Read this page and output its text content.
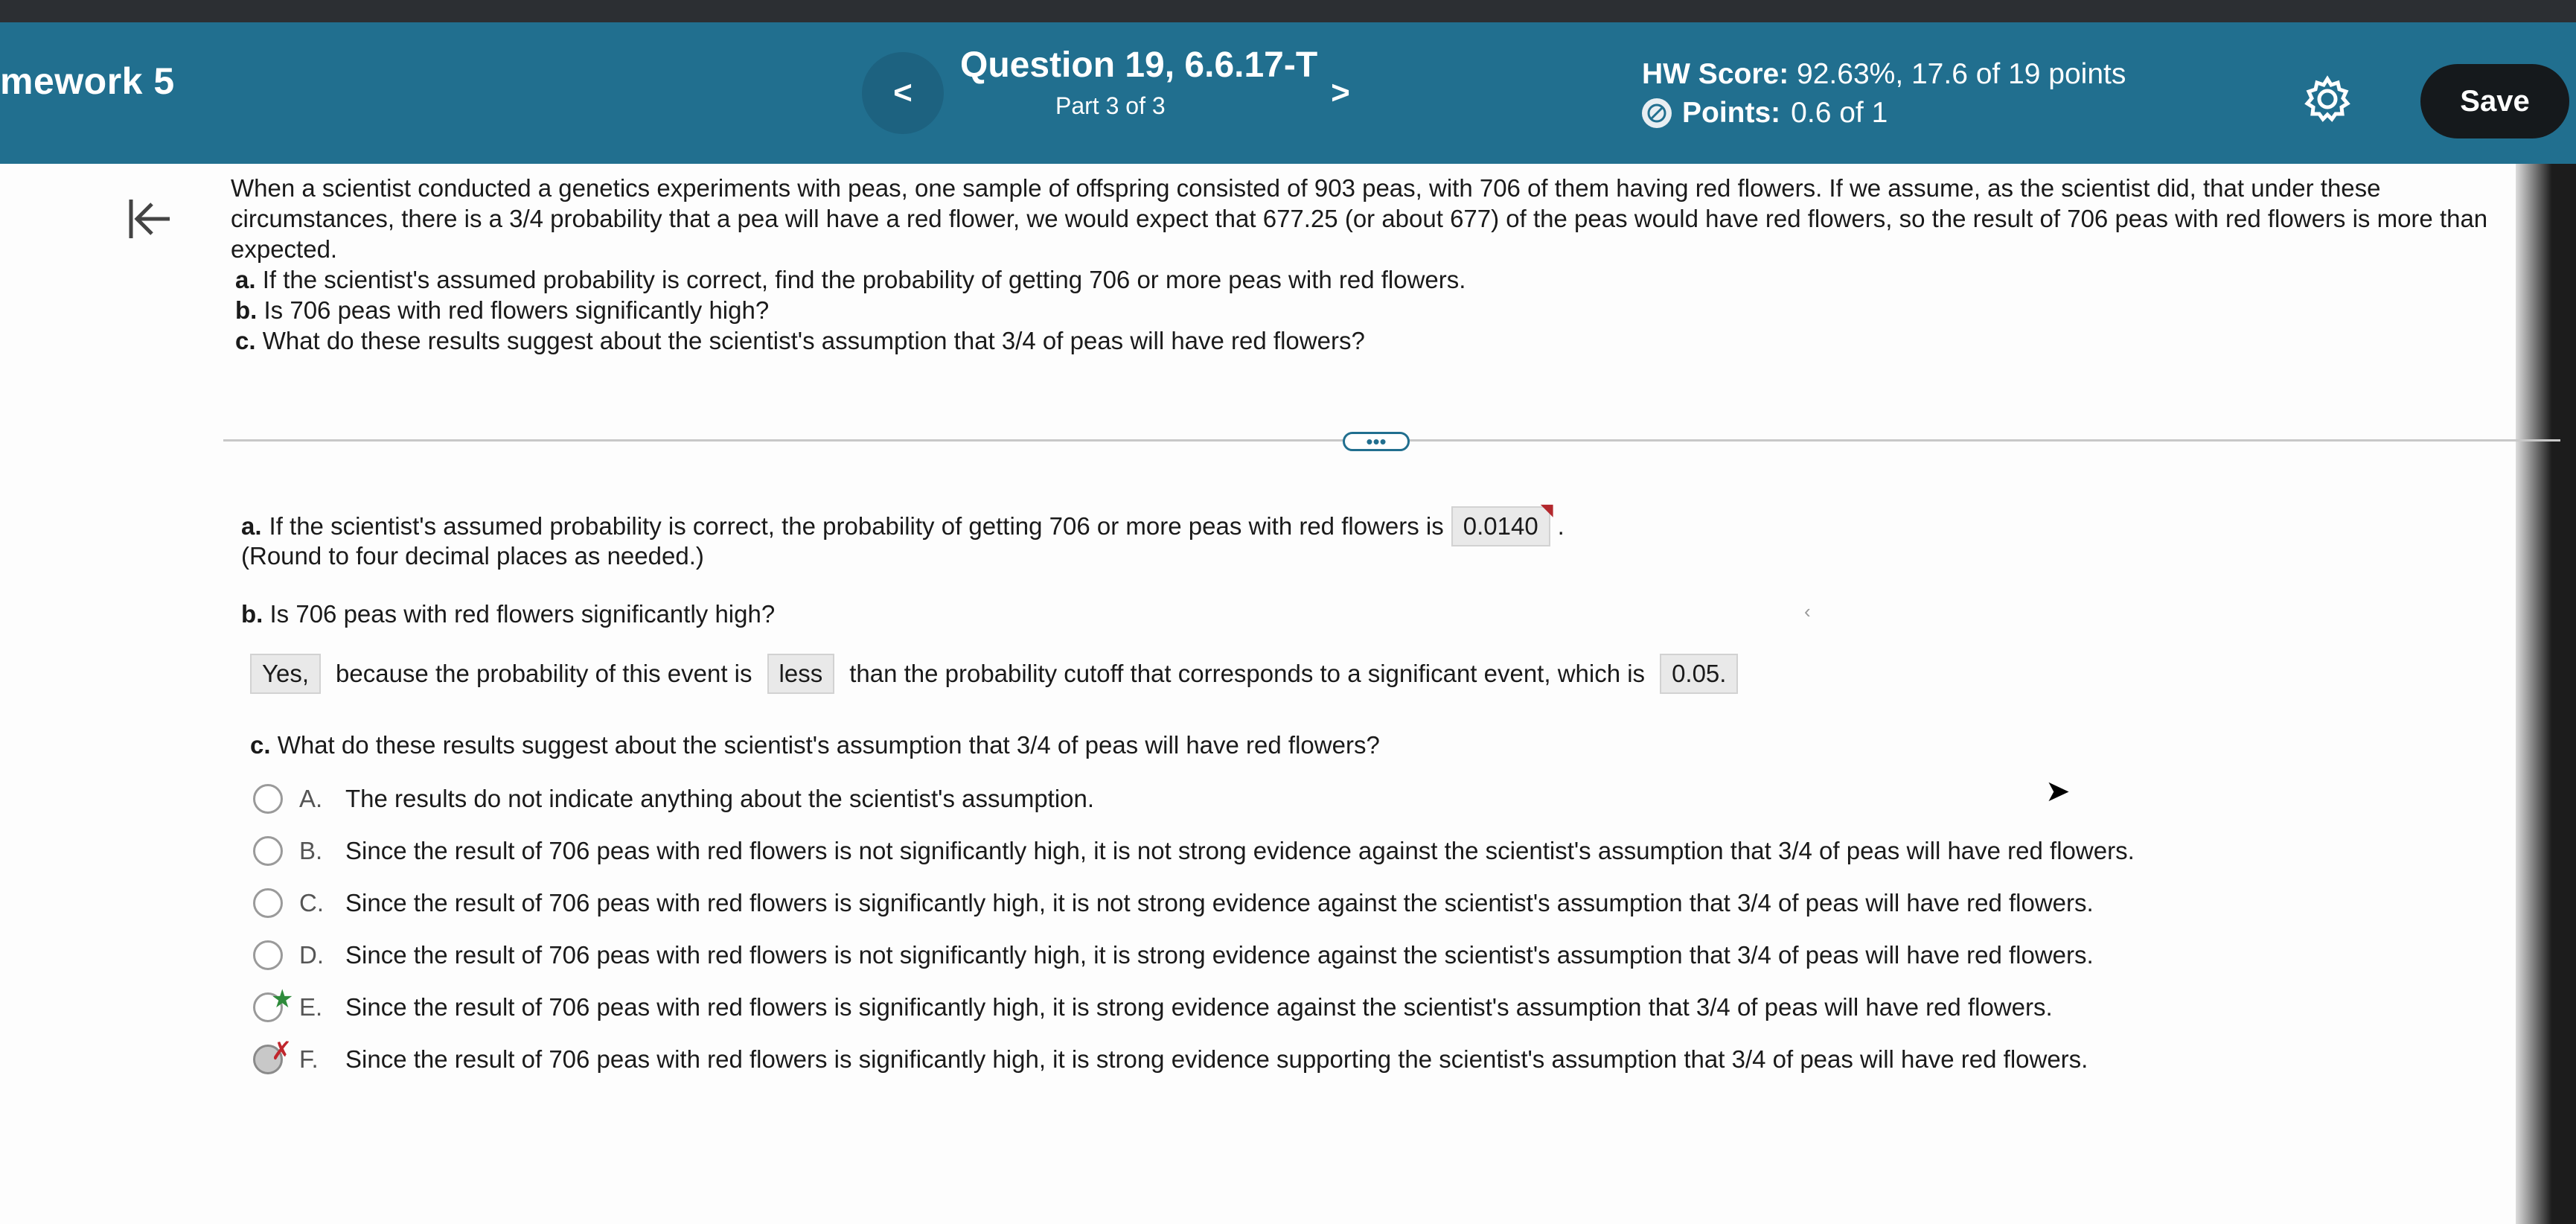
mework 5	<
Question 19, 6.6.17-T
Part 3 of 3	>
HW Score: 92.63%, 17.6 of 19 points
Points: 0.6 of 1	Save

When a scientist conducted a genetics experiments with peas, one sample of offspring consisted of 903 peas, with 706 of them having red flowers. If we assume, as the scientist did, that under these circumstances, there is a 3/4 probability that a pea will have a red flower, we would expect that 677.25 (or about 677) of the peas would have red flowers, so the result of 706 peas with red flowers is more than expected.

a. If the scientist's assumed probability is correct, find the probability of getting 706 or more peas with red flowers.

b. Is 706 peas with red flowers significantly high?

c. What do these results suggest about the scientist's assumption that 3/4 of peas will have red flowers?

•••
a. If the scientist's assumed probability is correct, the probability of getting 706 or more peas with red flowers is 0.0140
◥
.
(Round to four decimal places as needed.)
b. Is 706 peas with red flowers significantly high?
Yes,	because the probability of this event is	less	than the probability cutoff that corresponds to a significant event, which is	0.05.
c. What do these results suggest about the scientist's assumption that 3/4 of peas will have red flowers?
A. The results do not indicate anything about the scientist's assumption.
B. Since the result of 706 peas with red flowers is not significantly high, it is not strong evidence against the scientist's assumption that 3/4 of peas will have red flowers.
C. Since the result of 706 peas with red flowers is significantly high, it is not strong evidence against the scientist's assumption that 3/4 of peas will have red flowers.
D. Since the result of 706 peas with red flowers is not significantly high, it is strong evidence against the scientist's assumption that 3/4 of peas will have red flowers.
★ E. Since the result of 706 peas with red flowers is significantly high, it is strong evidence against the scientist's assumption that 3/4 of peas will have red flowers.
✗ F.	Since the result of 706 peas with red flowers is significantly high, it is strong evidence supporting the scientist's assumption that 3/4 of peas will have red flowers.
➤
‹
